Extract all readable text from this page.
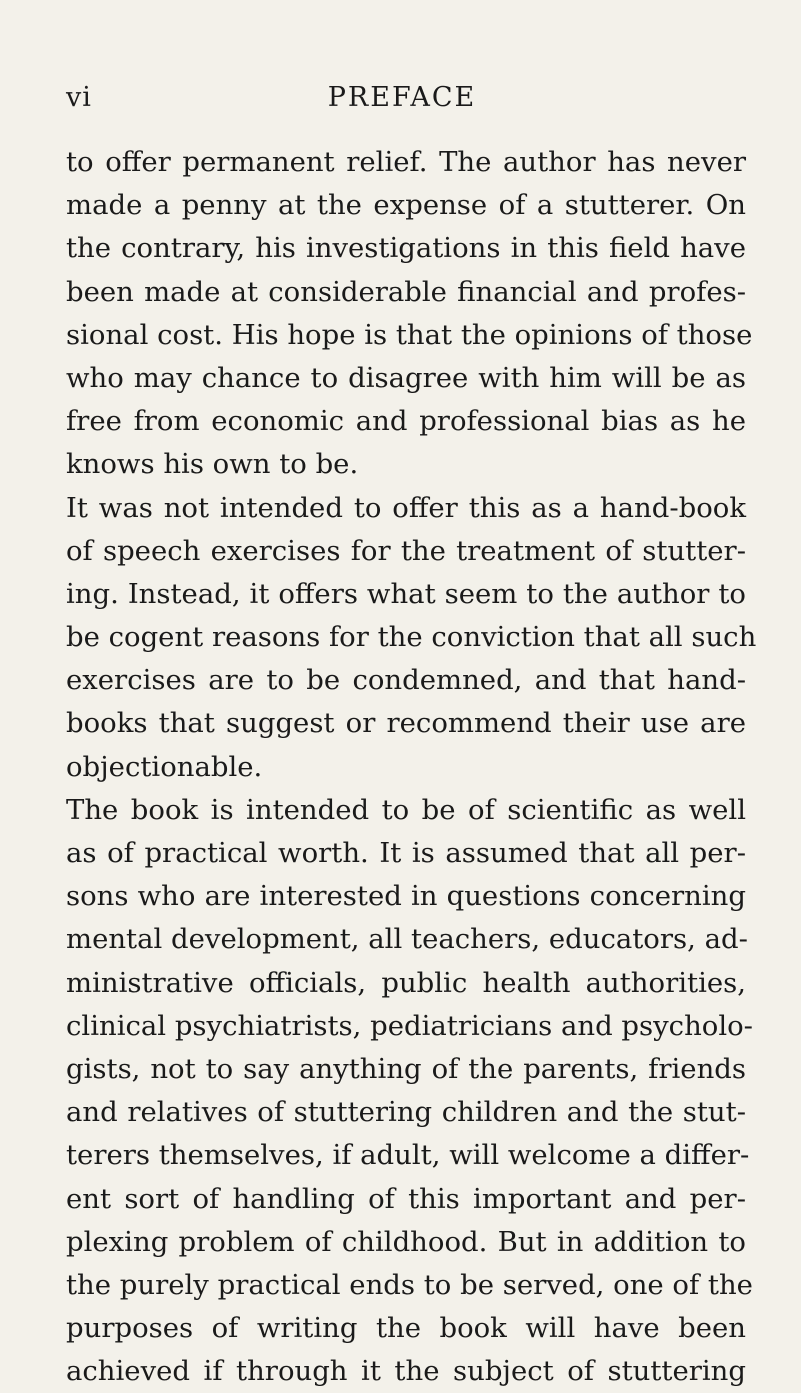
vi	PREFACE
to offer permanent relief. The author has never
made a penny at the expense of a stutterer. On
the contrary, his investigations in this field have
been made at considerable financial and profes-
sional cost. His hope is that the opinions of those
who may chance to disagree with him will be as
free from economic and professional bias as he
knows his own to be.
It was not intended to offer this as a hand-book
of speech exercises for the treatment of stutter-
ing. Instead, it offers what seem to the author to
be cogent reasons for the conviction that all such
exercises are to be condemned, and that hand-
books that suggest or recommend their use are
objectionable.
The book is intended to be of scientific as well
as of practical worth. It is assumed that all per-
sons who are interested in questions concerning
mental development, all teachers, educators, ad-
ministrative officials, public health authorities,
clinical psychiatrists, pediatricians and psycholo-
gists, not to say anything of the parents, friends
and relatives of stuttering children and the stut-
terers themselves, if adult, will welcome a differ-
ent sort of handling of this important and per-
plexing problem of childhood. But in addition to
the purely practical ends to be served, one of the
purposes of writing the book will have been
achieved if through it the subject of stuttering
